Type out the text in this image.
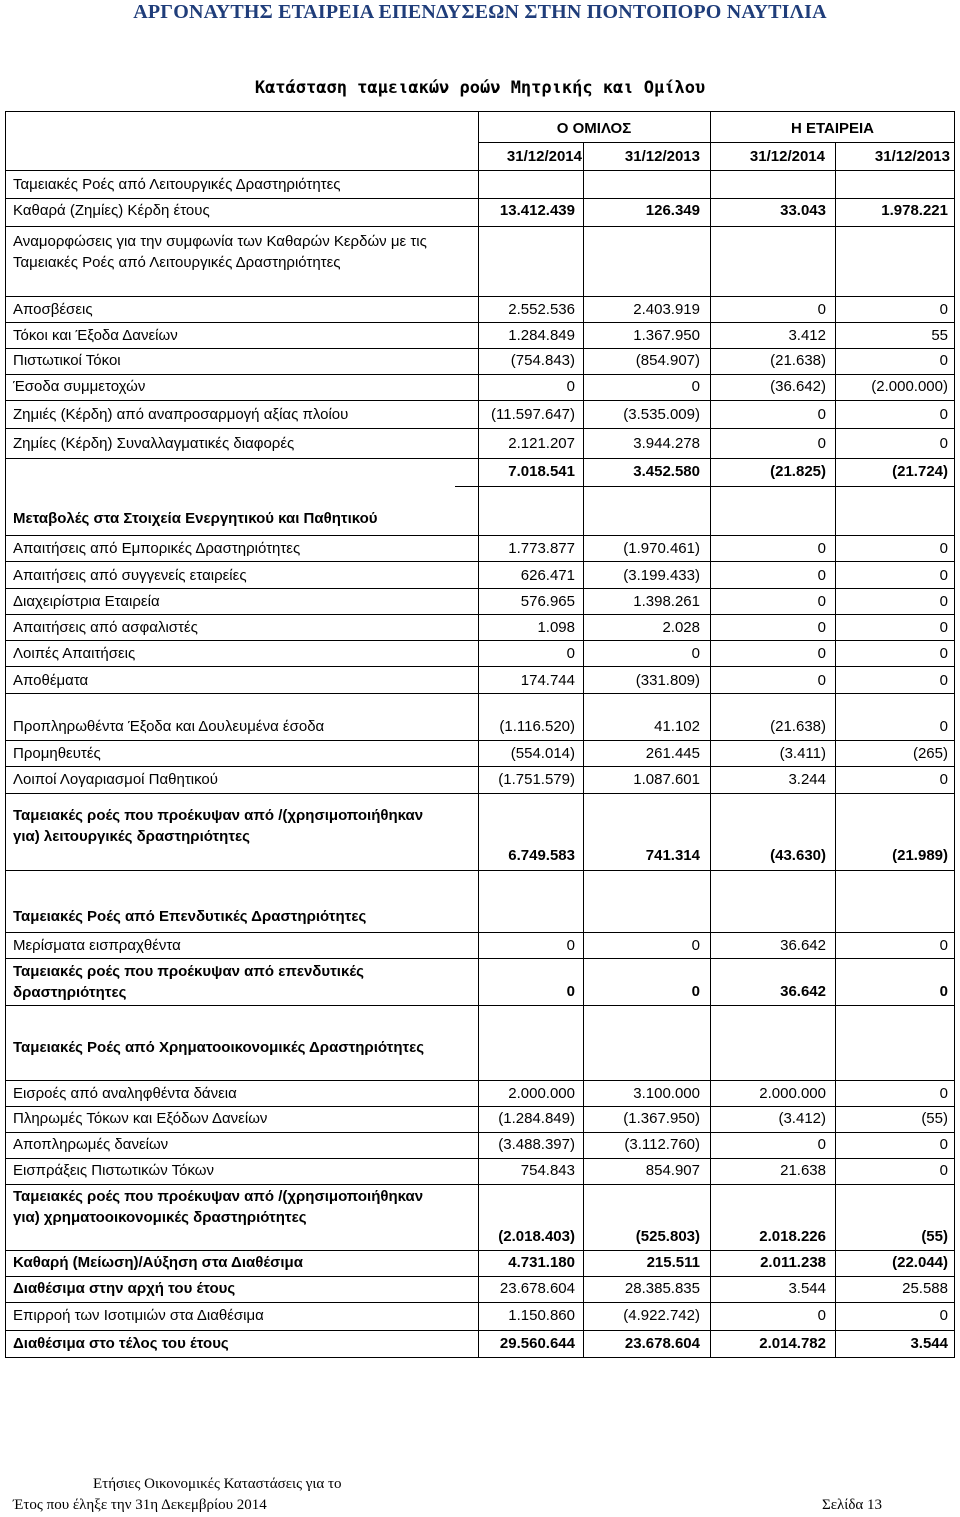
ΑΡΓΟΝΑΥΤΗΣ ΕΤΑΙΡΕΙΑ ΕΠΕΝΔΥΣΕΩΝ ΣΤΗΝ ΠΟΝΤΟΠΟΡΟ ΝΑΥΤΙΛΙΑ
Κατάσταση ταμειακών ροών Μητρικής και Ομίλου
Ο ΟΜΙΛΟΣ	Η ΕΤΑΙΡΕΙΑ
31/12/2014	31/12/2013	31/12/2014	31/12/2013
Ταμειακές Ροές από Λειτουργικές Δραστηριότητες
Καθαρά (Ζημίες) Κέρδη έτους	13.412.439	126.349	33.043	1.978.221
Αναμορφώσεις για την συμφωνία των Καθαρών Κερδών με τις Ταμειακές Ροές από Λειτουργικές Δραστηριότητες
Αποσβέσεις	2.552.536	2.403.919	0	0
Τόκοι και Έξοδα Δανείων	1.284.849	1.367.950	3.412	55
Πιστωτικοί Τόκοι	(754.843)	(854.907)	(21.638)	0
Έσοδα συμμετοχών	0	0	(36.642)	(2.000.000)
Ζημιές (Κέρδη) από αναπροσαρμογή αξίας πλοίου	(11.597.647)	(3.535.009)	0	0
Ζημίες (Κέρδη) Συναλλαγματικές διαφορές	2.121.207	3.944.278	0	0
7.018.541	3.452.580	(21.825)	(21.724)
Μεταβολές στα Στοιχεία Ενεργητικού και Παθητικού
Απαιτήσεις από Εμπορικές Δραστηριότητες	1.773.877	(1.970.461)	0	0
Απαιτήσεις από συγγενείς εταιρείες	626.471	(3.199.433)	0	0
Διαχειρίστρια Εταιρεία	576.965	1.398.261	0	0
Απαιτήσεις από ασφαλιστές	1.098	2.028	0	0
Λοιπές Απαιτήσεις	0	0	0	0
Αποθέματα	174.744	(331.809)	0	0
Προπληρωθέντα Έξοδα και Δουλευμένα έσοδα	(1.116.520)	41.102	(21.638)	0
Προμηθευτές	(554.014)	261.445	(3.411)	(265)
Λοιποί Λογαριασμοί Παθητικού	(1.751.579)	1.087.601	3.244	0
Ταμειακές ροές που προέκυψαν από /(χρησιμοποιήθηκαν για) λειτουργικές δραστηριότητες
6.749.583	741.314	(43.630)	(21.989)
Ταμειακές Ροές από Επενδυτικές Δραστηριότητες
Μερίσματα εισπραχθέντα	0	0	36.642	0
Ταμειακές ροές που προέκυψαν από επενδυτικές δραστηριότητες	0	0	36.642	0
Ταμειακές Ροές από Χρηματοοικονομικές Δραστηριότητες
Εισροές από αναληφθέντα δάνεια	2.000.000	3.100.000	2.000.000	0
Πληρωμές Τόκων και Εξόδων Δανείων	(1.284.849)	(1.367.950)	(3.412)	(55)
Αποπληρωμές δανείων	(3.488.397)	(3.112.760)	0	0
Εισπράξεις Πιστωτικών Τόκων	754.843	854.907	21.638	0
Ταμειακές ροές που προέκυψαν από /(χρησιμοποιήθηκαν για) χρηματοοικονομικές δραστηριότητες
(2.018.403)	(525.803)	2.018.226	(55)
Καθαρή (Μείωση)/Αύξηση στα Διαθέσιμα	4.731.180	215.511	2.011.238	(22.044)
Διαθέσιμα στην αρχή του έτους	23.678.604	28.385.835	3.544	25.588
Επιρροή των Ισοτιμιών στα Διαθέσιμα	1.150.860	(4.922.742)	0	0
Διαθέσιμα στο τέλος του έτους	29.560.644	23.678.604	2.014.782	3.544
Ετήσιες Οικονομικές Καταστάσεις για το
Έτος που έληξε την 31η Δεκεμβρίου 2014	Σελίδα 13
